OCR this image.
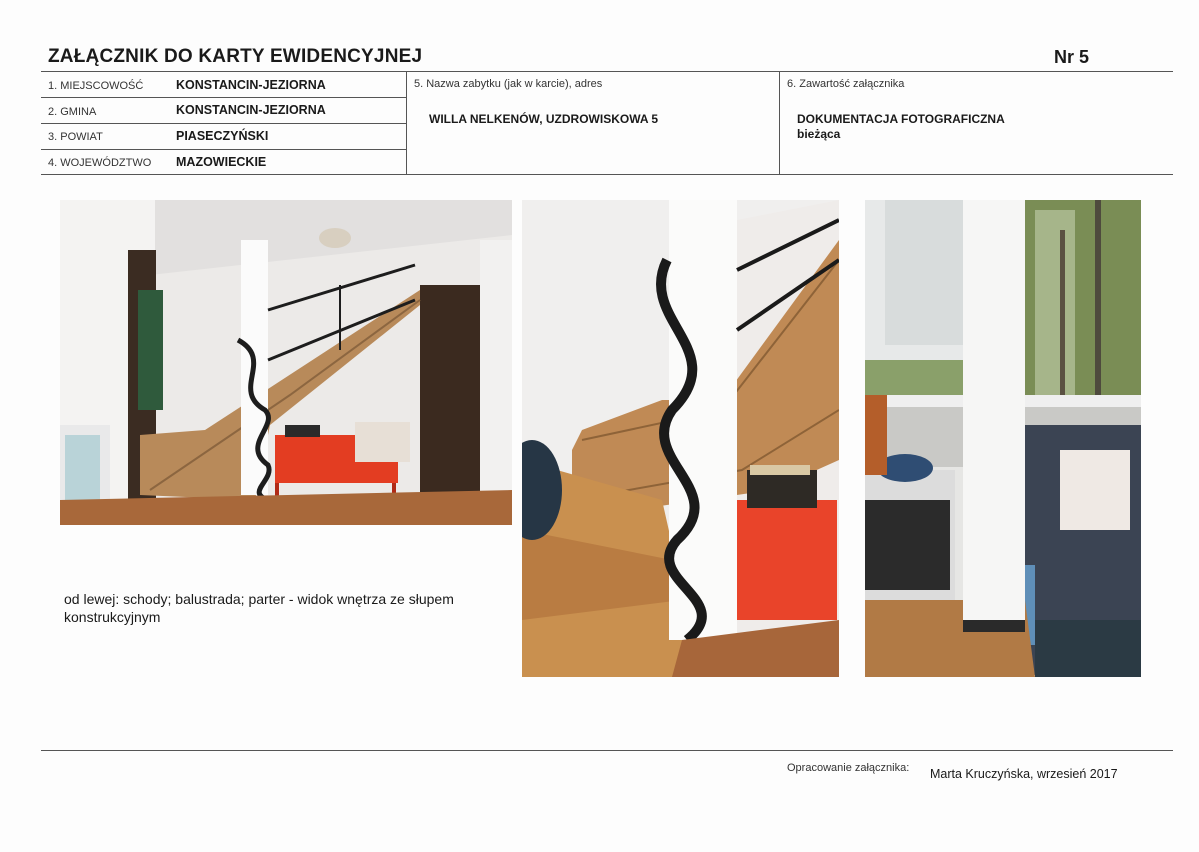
ZAŁĄCZNIK DO KARTY EWIDENCYJNEJ	Nr 5
1. MIEJSCOWOŚĆ	KONSTANCIN-JEZIORNA
2. GMINA	KONSTANCIN-JEZIORNA
3. POWIAT	PIASECZYŃSKI
4. WOJEWÓDZTWO MAZOWIECKIE
5. Nazwa zabytku (jak w karcie), adres
WILLA NELKENÓW, UZDROWISKOWA 5
6. Zawartość załącznika
DOKUMENTACJA FOTOGRAFICZNA
bieżąca
od lewej: schody; balustrada; parter - widok wnętrza ze słupem konstrukcyjnym
Opracowanie załącznika: Marta Kruczyńska, wrzesień 2017
